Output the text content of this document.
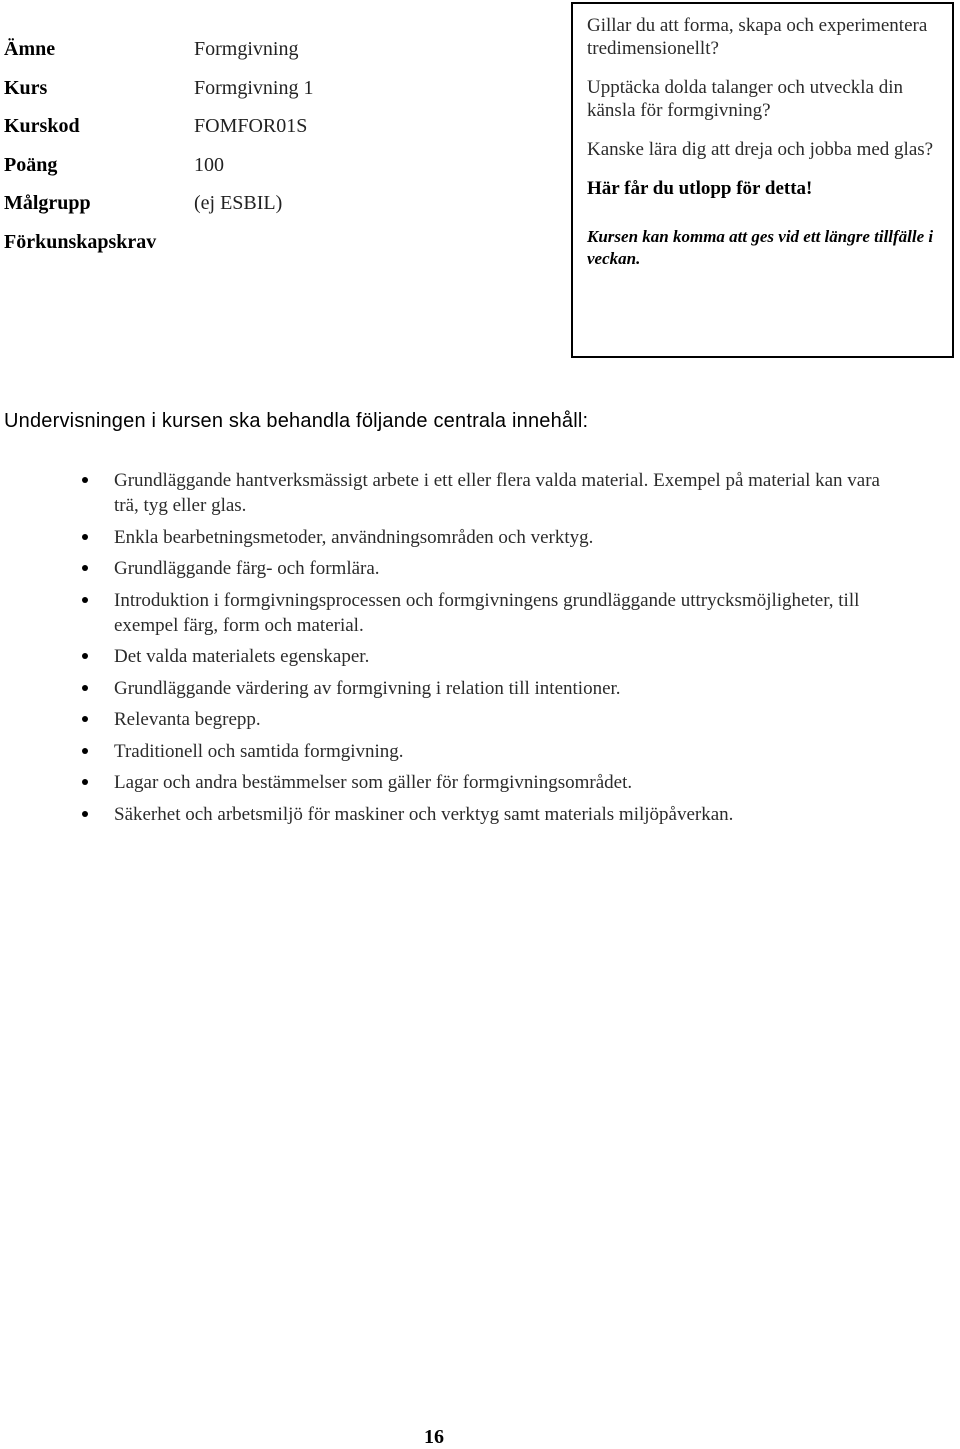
Ämne	Formgivning
Kurs	Formgivning 1
Kurskod	FOMFOR01S
Poäng	100
Målgrupp	(ej ESBIL)
Förkunskapskrav

Gillar du att forma, skapa och experimentera tredimensionellt?

Upptäcka dolda talanger och utveckla din känsla för formgivning?

Kanske lära dig att dreja och jobba med glas?

Här får du utlopp för detta!

Kursen kan komma att ges vid ett längre tillfälle i veckan.

Undervisningen i kursen ska behandla följande centrala innehåll:
Grundläggande hantverksmässigt arbete i ett eller flera valda material. Exempel på material kan vara trä, tyg eller glas.
Enkla bearbetningsmetoder, användningsområden och verktyg.
Grundläggande färg- och formlära.
Introduktion i formgivningsprocessen och formgivningens grundläggande uttrycksmöjligheter, till exempel färg, form och material.
Det valda materialets egenskaper.
Grundläggande värdering av formgivning i relation till intentioner.
Relevanta begrepp.
Traditionell och samtida formgivning.
Lagar och andra bestämmelser som gäller för formgivningsområdet.
Säkerhet och arbetsmiljö för maskiner och verktyg samt materials miljöpåverkan.
16
